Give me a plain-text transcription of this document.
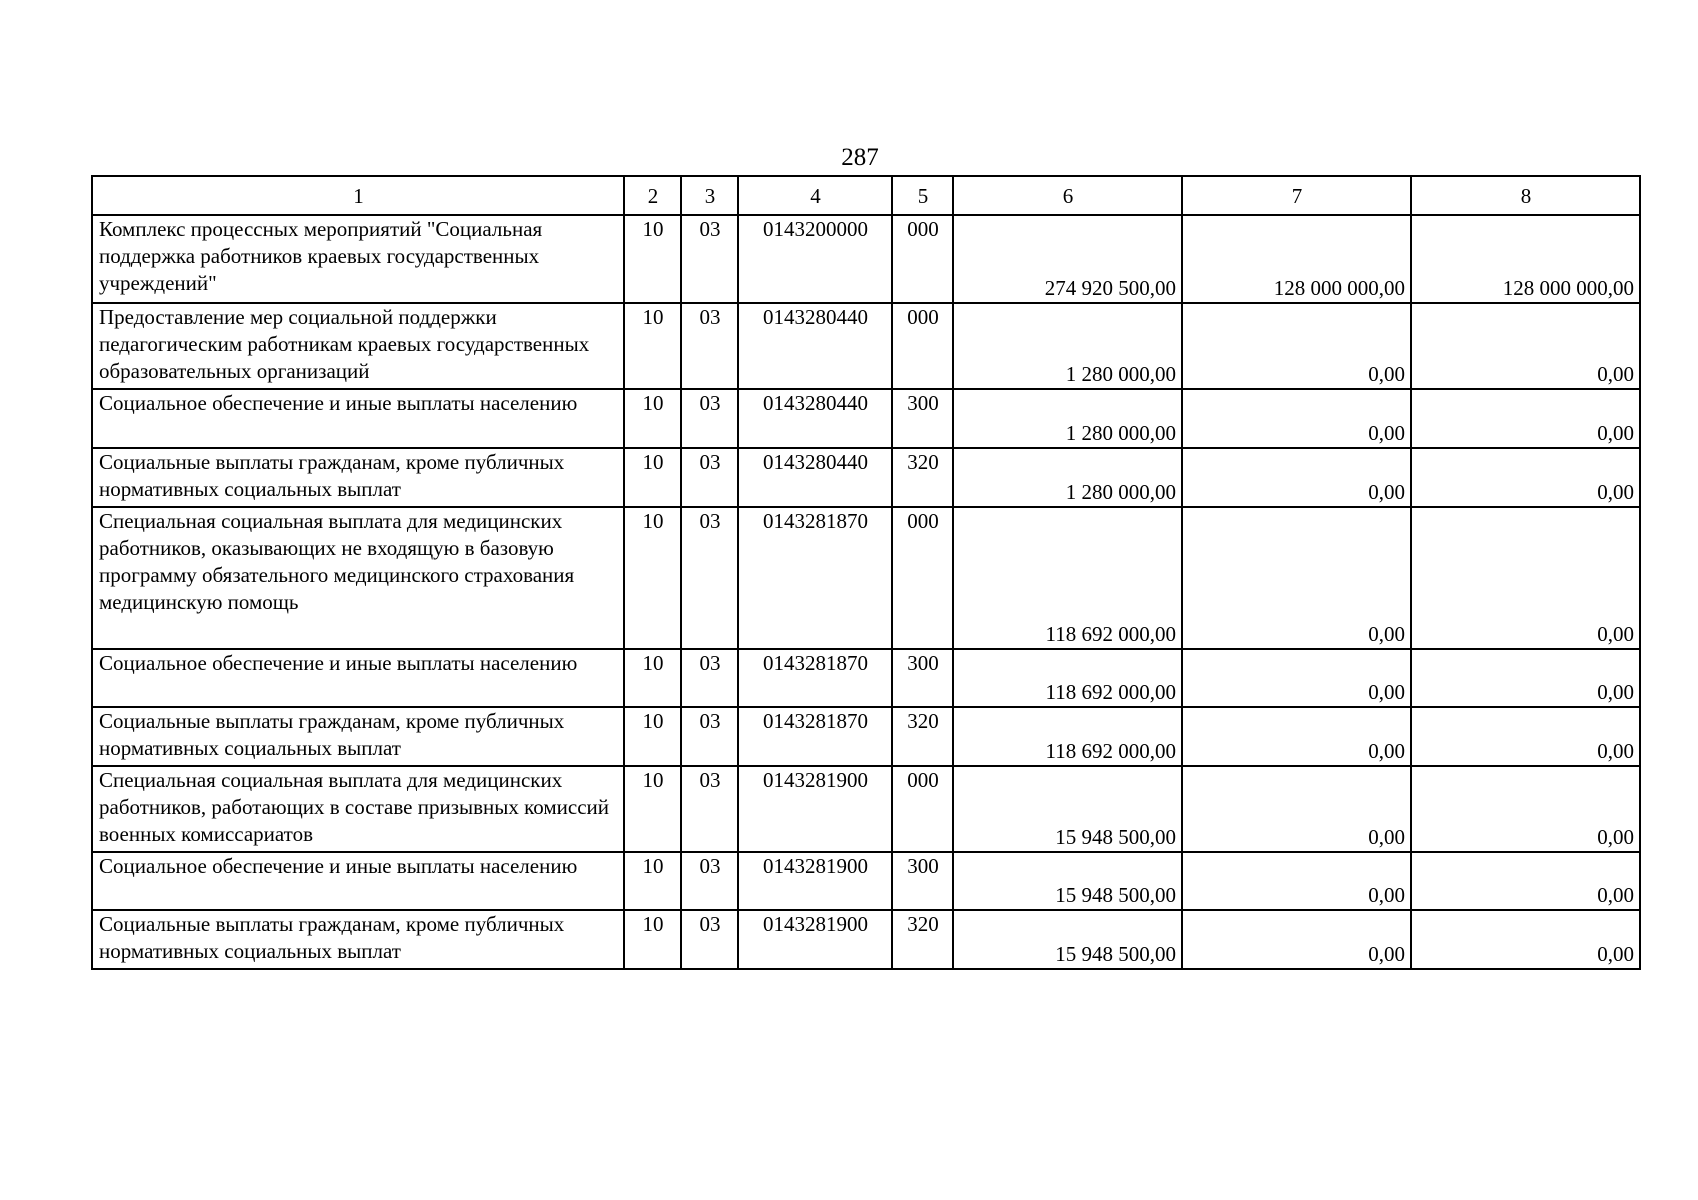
287
1	2	3	4	5	6	7	8
Комплекс процессных мероприятий "Социальная поддержка работников краевых государственных учреждений"	10	03	0143200000	000	274 920 500,00	128 000 000,00	128 000 000,00
Предоставление мер социальной поддержки педагогическим работникам краевых государственных образовательных организаций	10	03	0143280440	000	1 280 000,00	0,00	0,00
Социальное обеспечение и иные выплаты населению	10	03	0143280440	300	1 280 000,00	0,00	0,00
Социальные выплаты гражданам, кроме публичных нормативных социальных выплат	10	03	0143280440	320	1 280 000,00	0,00	0,00
Специальная социальная выплата для медицинских работников, оказывающих не входящую в базовую программу обязательного медицинского страхования медицинскую помощь	10	03	0143281870	000	118 692 000,00	0,00	0,00
Социальное обеспечение и иные выплаты населению	10	03	0143281870	300	118 692 000,00	0,00	0,00
Социальные выплаты гражданам, кроме публичных нормативных социальных выплат	10	03	0143281870	320	118 692 000,00	0,00	0,00
Специальная социальная выплата для медицинских работников, работающих в составе призывных комиссий военных комиссариатов	10	03	0143281900	000	15 948 500,00	0,00	0,00
Социальное обеспечение и иные выплаты населению	10	03	0143281900	300	15 948 500,00	0,00	0,00
Социальные выплаты гражданам, кроме публичных нормативных социальных выплат	10	03	0143281900	320	15 948 500,00	0,00	0,00
